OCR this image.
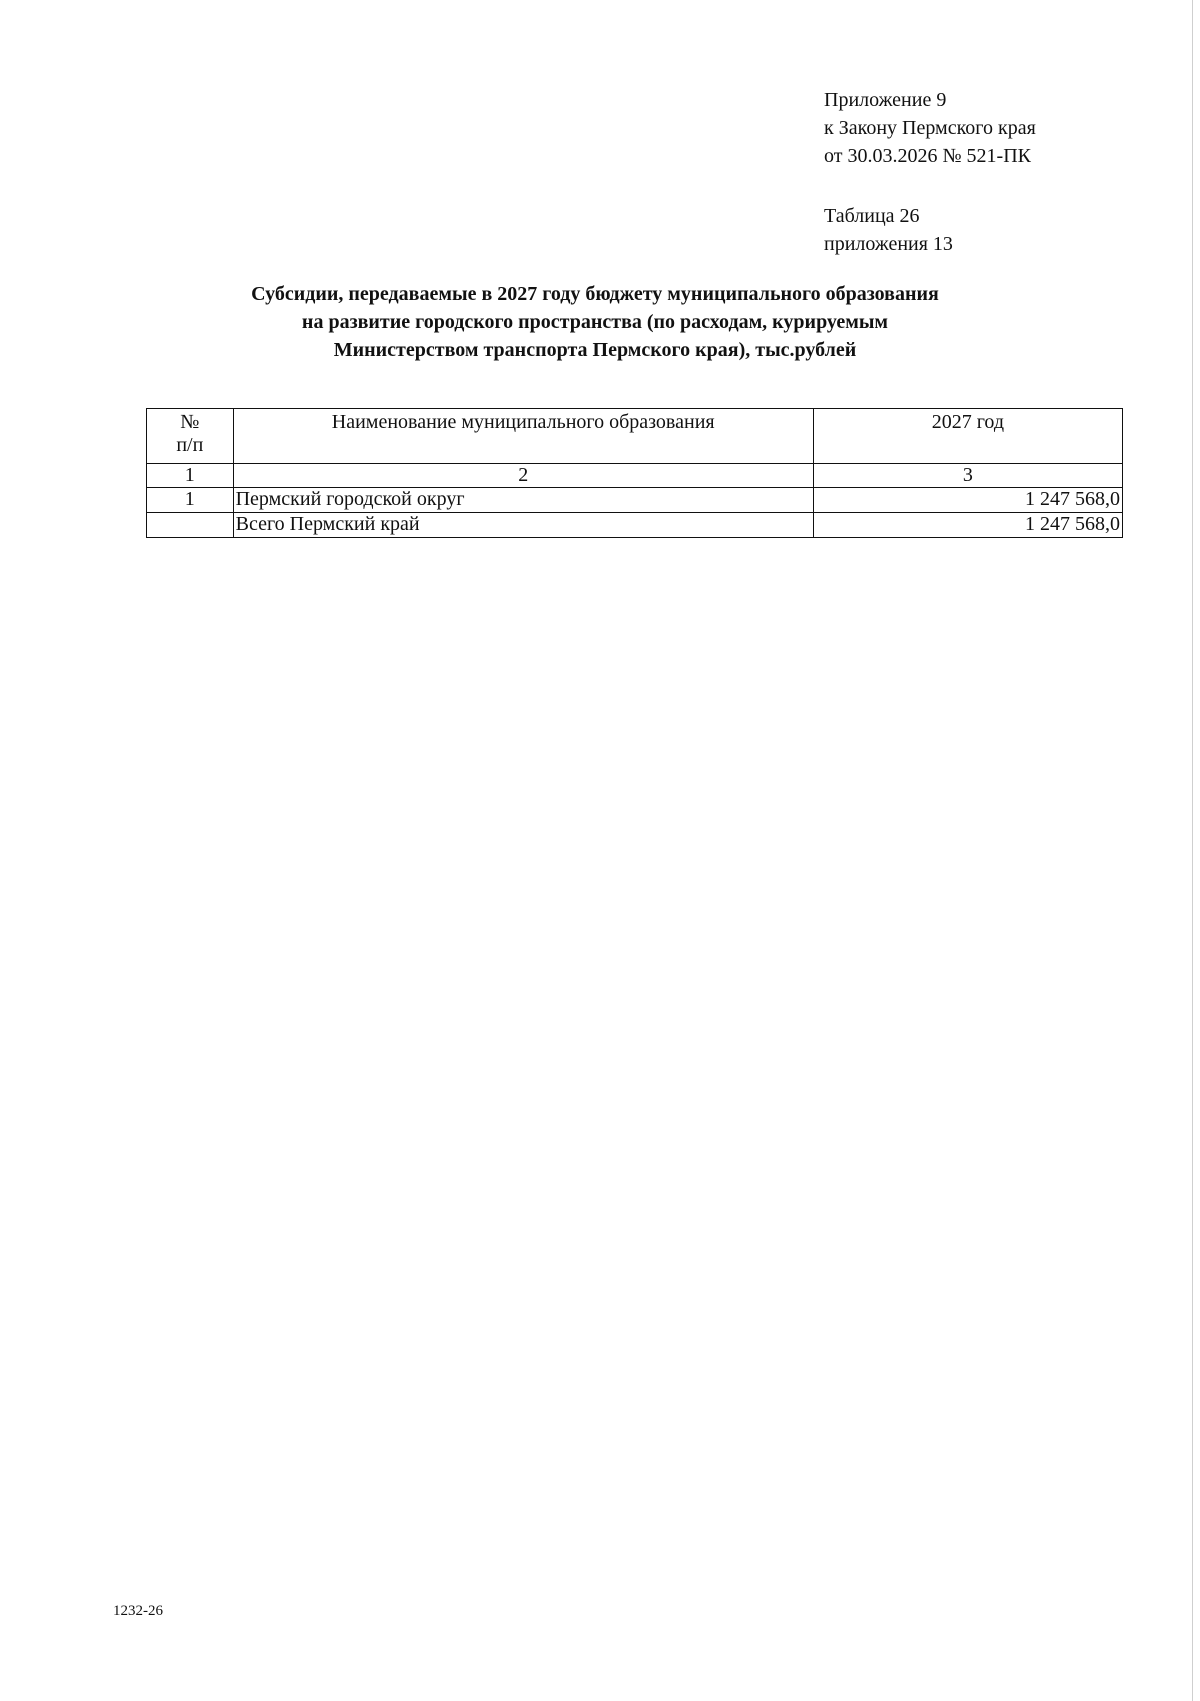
Приложение 9
к Закону Пермского края
от 30.03.2026 № 521-ПК
Таблица 26
приложения 13
Субсидии, передаваемые в 2027 году бюджету муниципального образования
на развитие городского пространства (по расходам, курируемым
Министерством транспорта Пермского края), тыс.рублей
№
п/п	Наименование муниципального образования	2027 год
1	2	3
1	Пермский городской округ	1 247 568,0
	Всего Пермский край	1 247 568,0
1232-26
